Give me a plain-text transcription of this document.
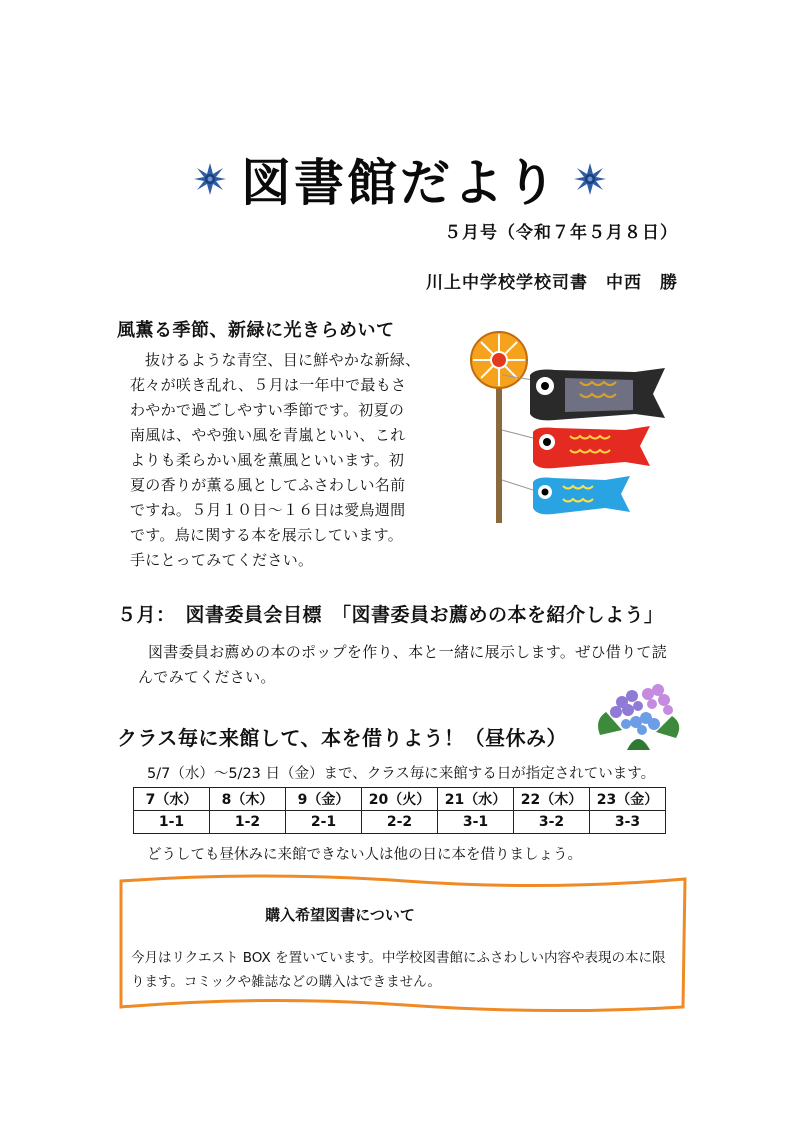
図書館だより
５月号（令和７年５月８日）
川上中学校学校司書　中西　勝
風薫る季節、新緑に光きらめいて
抜けるような青空、目に鮮やかな新緑、
花々が咲き乱れ、５月は一年中で最もさ
わやかで過ごしやすい季節です。初夏の
南風は、やや強い風を青嵐といい、これ
よりも柔らかい風を薫風といいます。初
夏の香りが薫る風としてふさわしい名前
ですね。５月１０日～１６日は愛鳥週間
です。鳥に関する本を展示しています。
手にとってみてください。
５月：　図書委員会目標　「図書委員お薦めの本を紹介しよう」
図書委員お薦めの本のポップを作り、本と一緒に展示します。ぜひ借りて読
んでみてください。
クラス毎に来館して、本を借りよう！（昼休み）
5/7（水）～5/23 日（金）まで、クラス毎に来館する日が指定されています。
7（水）	8（木）	9（金）	20（火）	21（水）	22（木）	23（金）
1-1	1-2	2-1	2-2	3-1	3-2	3-3
どうしても昼休みに来館できない人は他の日に本を借りましょう。
購入希望図書について
今月はリクエスト BOX を置いています。中学校図書館にふさわしい内容や表現の本に限
ります。コミックや雑誌などの購入はできません。
